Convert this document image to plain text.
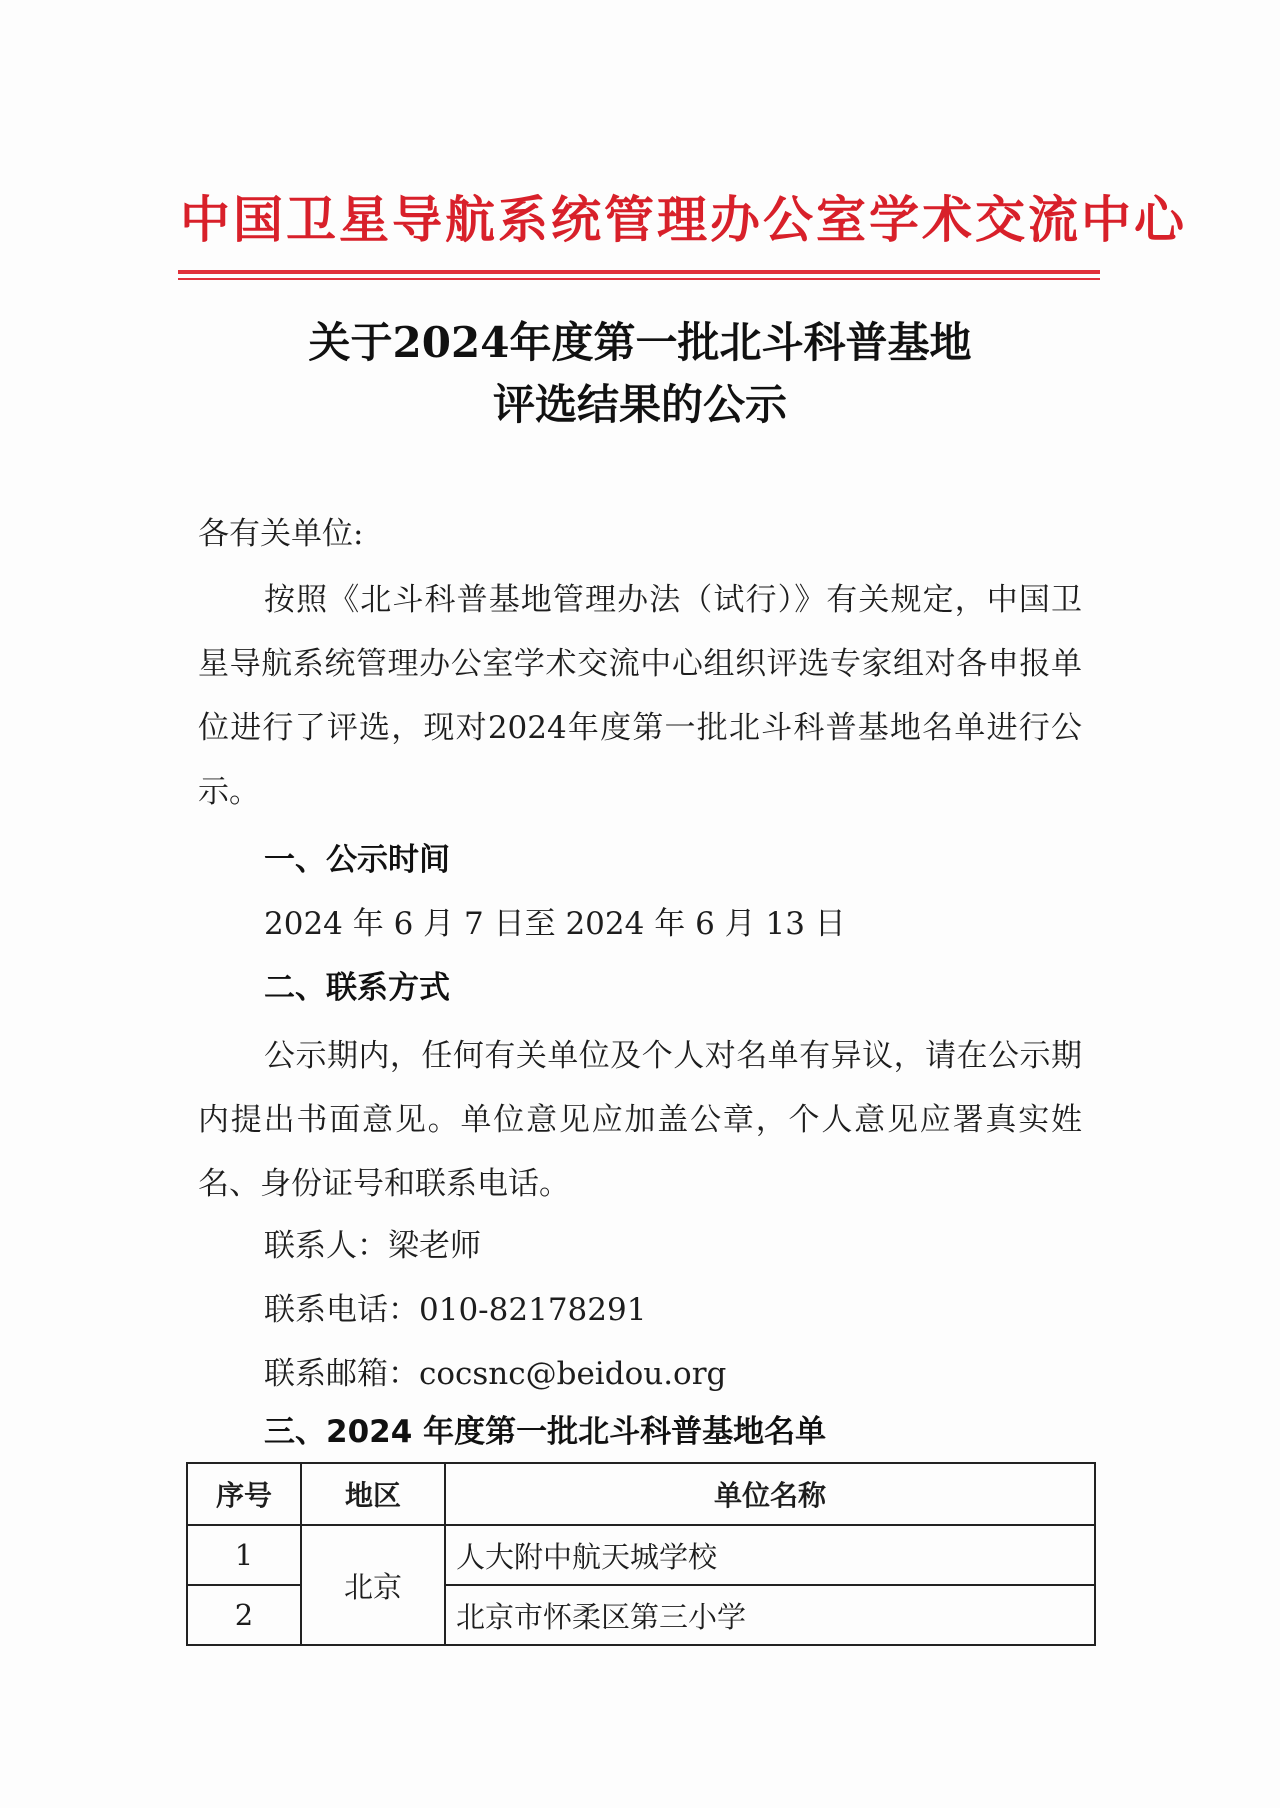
中国卫星导航系统管理办公室学术交流中心
关于2024年度第一批北斗科普基地
评选结果的公示
各有关单位:
按照《北斗科普基地管理办法（试行）》有关规定，中国卫星导航系统管理办公室学术交流中心组织评选专家组对各申报单位进行了评选，现对2024年度第一批北斗科普基地名单进行公示。
一、公示时间
2024 年 6 月 7 日至 2024 年 6 月 13 日
二、联系方式
公示期内，任何有关单位及个人对名单有异议，请在公示期内提出书面意见。单位意见应加盖公章，个人意见应署真实姓名、身份证号和联系电话。
联系人：梁老师
联系电话：010-82178291
联系邮箱：cocsnc@beidou.org
三、2024 年度第一批北斗科普基地名单
序号	地区	单位名称
1	北京	人大附中航天城学校
2		北京市怀柔区第三小学
